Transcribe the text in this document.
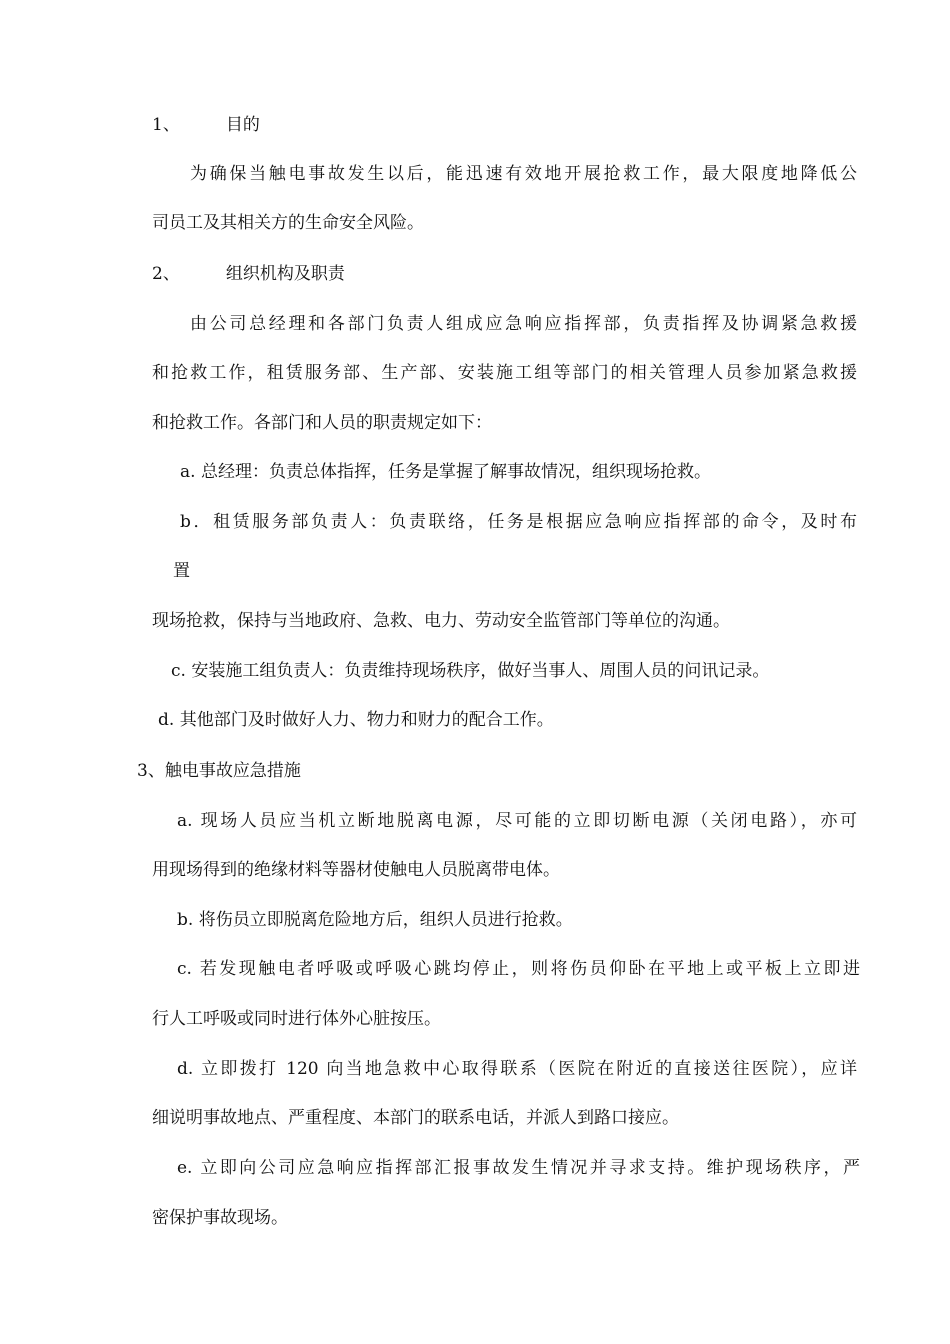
1、	目的

为确保当触电事故发生以后，能迅速有效地开展抢救工作，最大限度地降低公

司员工及其相关方的生命安全风险。

2、	组织机构及职责

由公司总经理和各部门负责人组成应急响应指挥部，负责指挥及协调紧急救援

和抢救工作，租赁服务部、生产部、安装施工组等部门的相关管理人员参加紧急救援

和抢救工作。各部门和人员的职责规定如下：

a. 总经理：负责总体指挥，任务是掌握了解事故情况，组织现场抢救。

b．租赁服务部负责人：负责联络，任务是根据应急响应指挥部的命令，及时布

置

现场抢救，保持与当地政府、急救、电力、劳动安全监管部门等单位的沟通。

c. 安装施工组负责人：负责维持现场秩序，做好当事人、周围人员的问讯记录。

d. 其他部门及时做好人力、物力和财力的配合工作。

3、触电事故应急措施

a. 现场人员应当机立断地脱离电源，尽可能的立即切断电源（关闭电路），亦可

用现场得到的绝缘材料等器材使触电人员脱离带电体。

b. 将伤员立即脱离危险地方后，组织人员进行抢救。

c. 若发现触电者呼吸或呼吸心跳均停止，则将伤员仰卧在平地上或平板上立即进

行人工呼吸或同时进行体外心脏按压。

d. 立即拨打 120 向当地急救中心取得联系（医院在附近的直接送往医院），应详

细说明事故地点、严重程度、本部门的联系电话，并派人到路口接应。

e. 立即向公司应急响应指挥部汇报事故发生情况并寻求支持。维护现场秩序，严

密保护事故现场。
